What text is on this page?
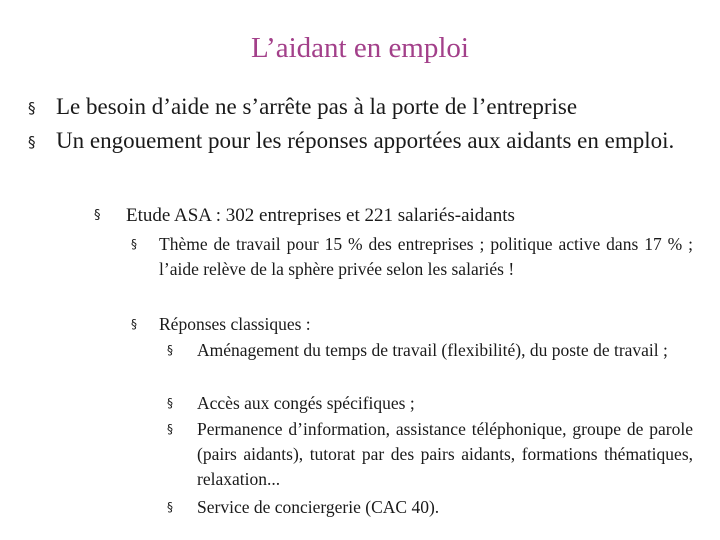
L’aidant en emploi
§ Le besoin d’aide ne s’arrête pas à la porte de l’entreprise
§ Un engouement pour les réponses apportées aux aidants en emploi.
§	Etude ASA : 302 entreprises et 221 salariés-aidants
§	Thème de travail pour 15 % des entreprises ; politique active dans 17 % ; l’aide relève de la sphère privée selon les salariés !
§	Réponses classiques :
§	Aménagement du temps de travail (flexibilité), du poste de travail ;
§	Accès aux congés spécifiques ;
§	Permanence d’information, assistance téléphonique, groupe de parole (pairs aidants), tutorat par des pairs aidants, formations thématiques, relaxation...
§	Service de conciergerie (CAC 40).
